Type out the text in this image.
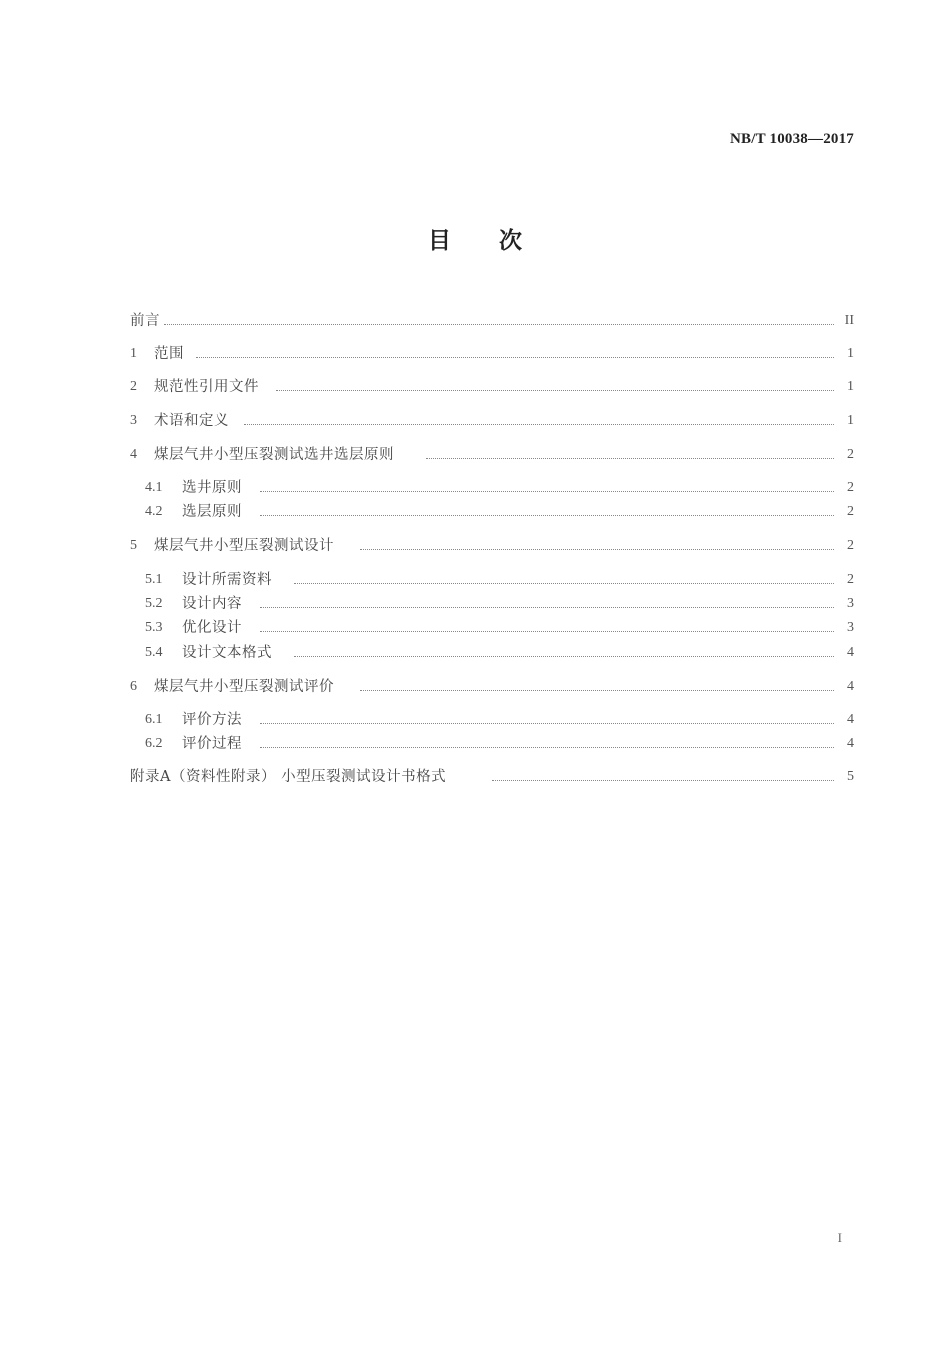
NB/T 10038—2017
目 次
前言	II
1 范围	1
2 规范性引用文件	1
3 术语和定义	1
4 煤层气井小型压裂测试选井选层原则	2
4.1 选井原则	2
4.2 选层原则	2
5 煤层气井小型压裂测试设计	2
5.1 设计所需资料	2
5.2 设计内容	3
5.3 优化设计	3
5.4 设计文本格式	4
6 煤层气井小型压裂测试评价	4
6.1 评价方法	4
6.2 评价过程	4
附录A（资料性附录） 小型压裂测试设计书格式	5
I
